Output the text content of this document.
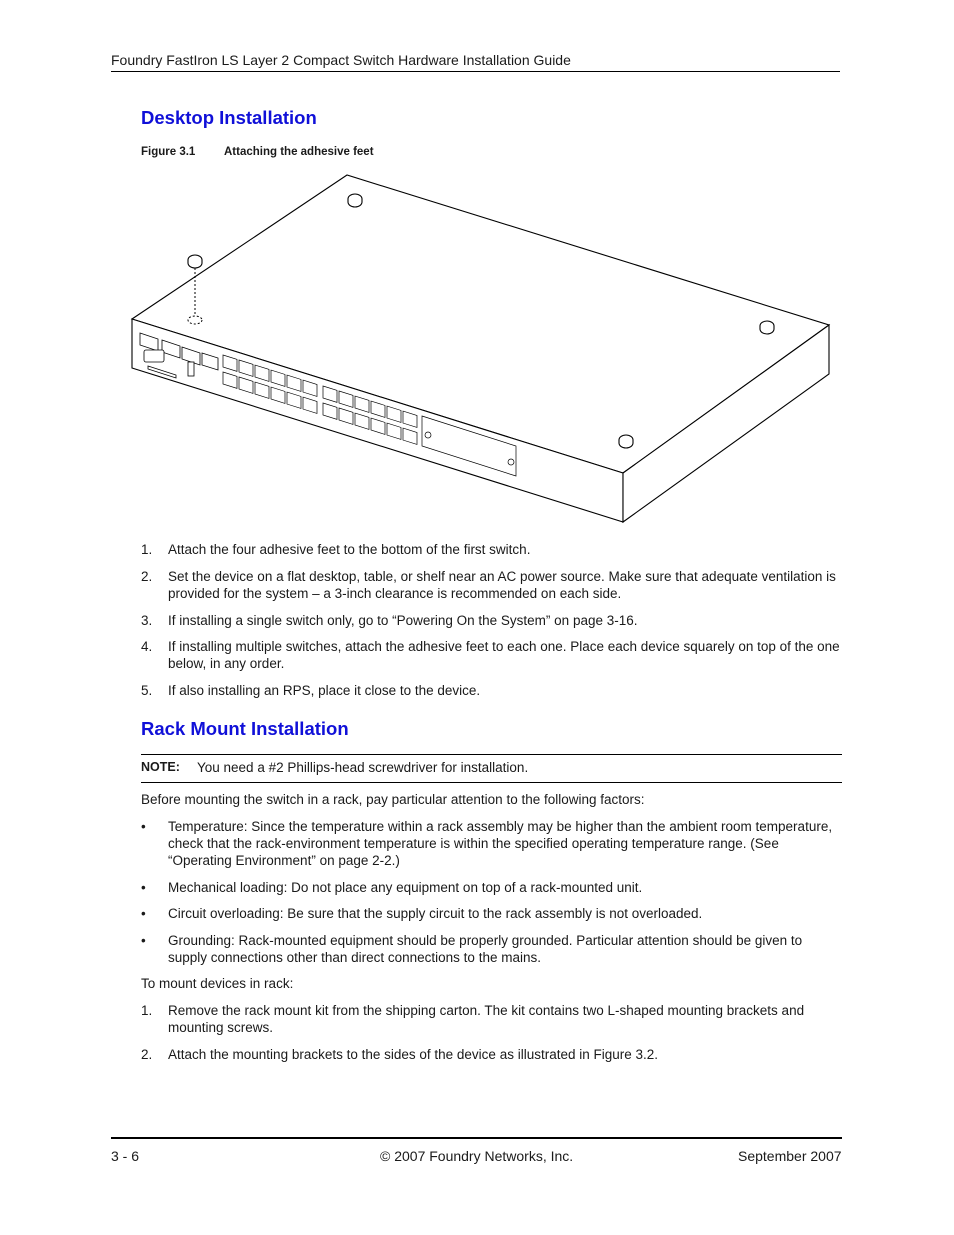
Foundry FastIron LS Layer 2 Compact Switch Hardware Installation Guide
Desktop Installation
Figure 3.1 Attaching the adhesive feet
1.	Attach the four adhesive feet to the bottom of the first switch.
2.	Set the device on a flat desktop, table, or shelf near an AC power source. Make sure that adequate ventilation is provided for the system – a 3-inch clearance is recommended on each side.
3.	If installing a single switch only, go to “Powering On the System” on page 3-16.
4.	If installing multiple switches, attach the adhesive feet to each one. Place each device squarely on top of the one below, in any order.
5.	If also installing an RPS, place it close to the device.
Rack Mount Installation
NOTE: You need a #2 Phillips-head screwdriver for installation.
Before mounting the switch in a rack, pay particular attention to the following factors:
•	Temperature: Since the temperature within a rack assembly may be higher than the ambient room temperature, check that the rack-environment temperature is within the specified operating temperature range. (See “Operating Environment” on page 2-2.)
•	Mechanical loading: Do not place any equipment on top of a rack-mounted unit.
•	Circuit overloading: Be sure that the supply circuit to the rack assembly is not overloaded.
•	Grounding: Rack-mounted equipment should be properly grounded. Particular attention should be given to supply connections other than direct connections to the mains.
To mount devices in rack:
1.	Remove the rack mount kit from the shipping carton. The kit contains two L-shaped mounting brackets and mounting screws.
2.	Attach the mounting brackets to the sides of the device as illustrated in Figure 3.2.
3 - 6	© 2007 Foundry Networks, Inc.	September 2007
